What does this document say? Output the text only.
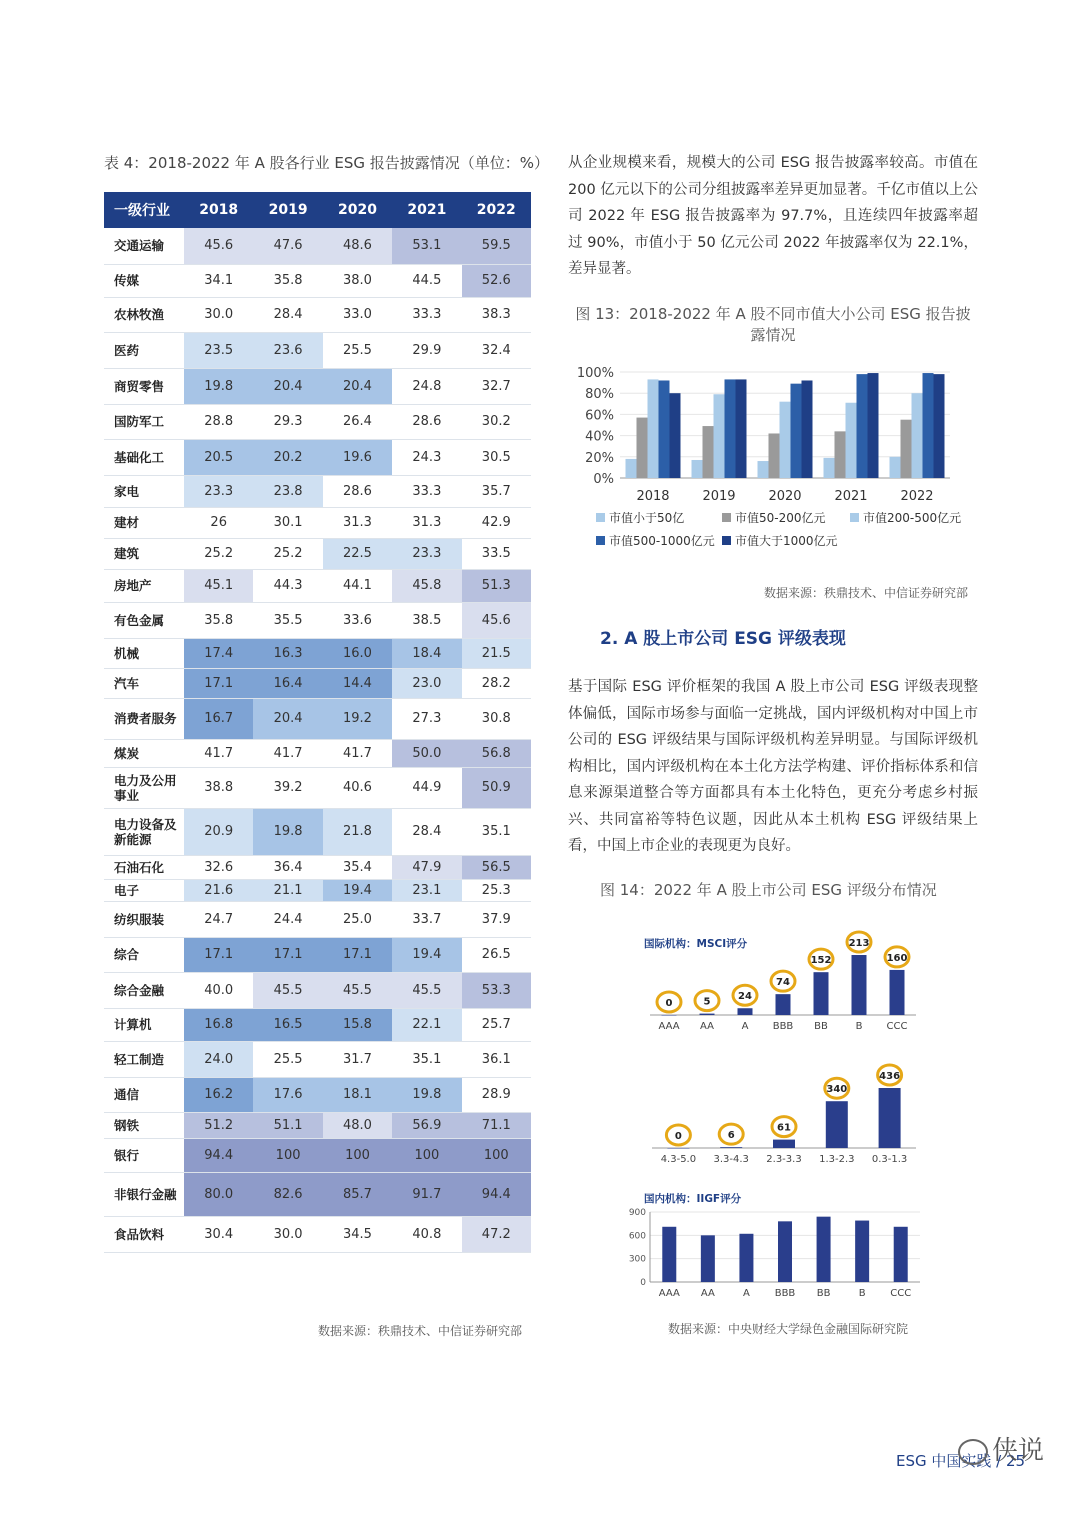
表 4：2018-2022 年 A 股各行业 ESG 报告披露情况（单位：%）
一级行业	2018	2019	2020	2021	2022
交通运输	45.6	47.6	48.6	53.1	59.5
传媒	34.1	35.8	38.0	44.5	52.6
农林牧渔	30.0	28.4	33.0	33.3	38.3
医药	23.5	23.6	25.5	29.9	32.4
商贸零售	19.8	20.4	20.4	24.8	32.7
国防军工	28.8	29.3	26.4	28.6	30.2
基础化工	20.5	20.2	19.6	24.3	30.5
家电	23.3	23.8	28.6	33.3	35.7
建材	26	30.1	31.3	31.3	42.9
建筑	25.2	25.2	22.5	23.3	33.5
房地产	45.1	44.3	44.1	45.8	51.3
有色金属	35.8	35.5	33.6	38.5	45.6
机械	17.4	16.3	16.0	18.4	21.5
汽车	17.1	16.4	14.4	23.0	28.2
消费者服务	16.7	20.4	19.2	27.3	30.8
煤炭	41.7	41.7	41.7	50.0	56.8
电力及公用事业	38.8	39.2	40.6	44.9	50.9
电力设备及新能源	20.9	19.8	21.8	28.4	35.1
石油石化	32.6	36.4	35.4	47.9	56.5
电子	21.6	21.1	19.4	23.1	25.3
纺织服装	24.7	24.4	25.0	33.7	37.9
综合	17.1	17.1	17.1	19.4	26.5
综合金融	40.0	45.5	45.5	45.5	53.3
计算机	16.8	16.5	15.8	22.1	25.7
轻工制造	24.0	25.5	31.7	35.1	36.1
通信	16.2	17.6	18.1	19.8	28.9
钢铁	51.2	51.1	48.0	56.9	71.1
银行	94.4	100	100	100	100
非银行金融	80.0	82.6	85.7	91.7	94.4
食品饮料	30.4	30.0	34.5	40.8	47.2
数据来源：秩鼎技术、中信证券研究部
从企业规模来看，规模大的公司 ESG 报告披露率较高。市值在 200 亿元以下的公司分组披露率差异更加显著。千亿市值以上公司 2022 年 ESG 报告披露率为 97.7%，且连续四年披露率超过 90%，市值小于 50 亿元公司 2022 年披露率仅为 22.1%，差异显著。
图 13：2018-2022 年 A 股不同市值大小公司 ESG 报告披露情况
0%
20%
40%
60%
80%
100%
2018	2019	2020	2021	2022
市值小于50亿	市值50-200亿元	市值200-500亿元
市值500-1000亿元 市值大于1000亿元
数据来源：秩鼎技术、中信证券研究部
2. A 股上市公司 ESG 评级表现
基于国际 ESG 评价框架的我国 A 股上市公司 ESG 评级表现整体偏低，国际市场参与面临一定挑战，国内评级机构对中国上市公司的 ESG 评级结果与国际评级机构差异明显。与国际评级机构相比，国内评级机构在本土化方法学构建、评价指标体系和信息来源渠道整合等方面都具有本土化特色，更充分考虑乡村振兴、共同富裕等特色议题，因此从本土机构 ESG 评级结果上看，中国上市企业的表现更为良好。
图 14：2022 年 A 股上市公司 ESG 评级分布情况
国际机构：MSCI评分
AAA
0
AA
5
A
24
BBB
74
BB
152
B
213
CCC
160
4.3-5.0
0
3.3-4.3
6
2.3-3.3
61
1.3-2.3
340
0.3-1.3
436
国内机构：IIGF评分
0
300
600
900
AAA AA	A BBB BB	B CCC
数据来源：中央财经大学绿色金融国际研究院
ESG 中国实践 / 25
侠说
